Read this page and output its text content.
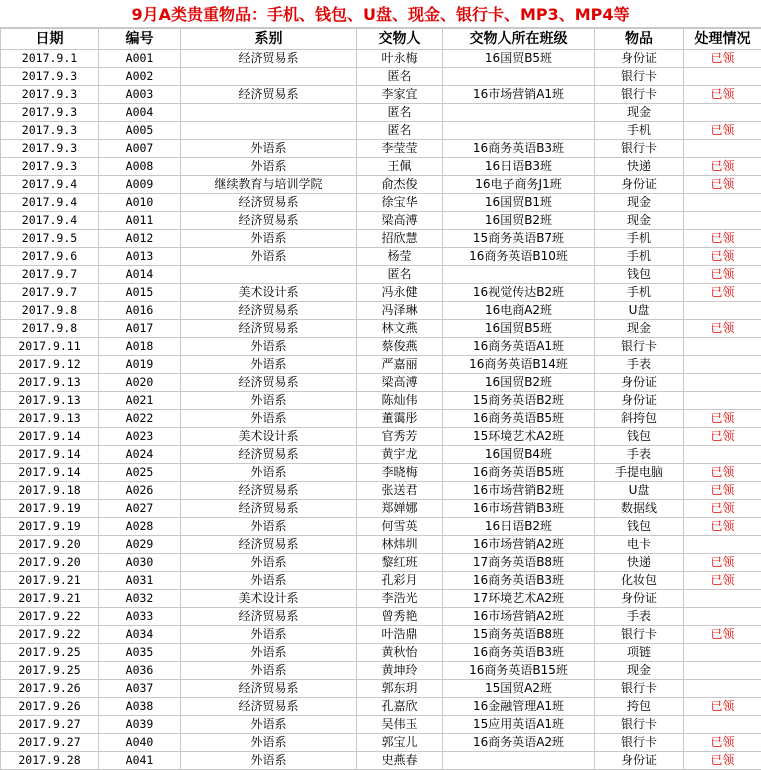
9月A类贵重物品：手机、钱包、U盘、现金、银行卡、MP3、MP4等
日期	编号	系别	交物人	交物人所在班级	物品	处理情况
2017.9.1	A001	经济贸易系	叶永梅	16国贸B5班	身份证	已领
2017.9.3	A002		匿名		银行卡	
2017.9.3	A003	经济贸易系	李家宜	16市场营销A1班	银行卡	已领
2017.9.3	A004		匿名		现金	
2017.9.3	A005		匿名		手机	已领
2017.9.3	A007	外语系	李莹莹	16商务英语B3班	银行卡	
2017.9.3	A008	外语系	王佩	16日语B3班	快递	已领
2017.9.4	A009	继续教育与培训学院	俞杰俊	16电子商务J1班	身份证	已领
2017.9.4	A010	经济贸易系	徐宝华	16国贸B1班	现金	
2017.9.4	A011	经济贸易系	梁高溥	16国贸B2班	现金	
2017.9.5	A012	外语系	招欣慧	15商务英语B7班	手机	已领
2017.9.6	A013	外语系	杨莹	16商务英语B10班	手机	已领
2017.9.7	A014		匿名		钱包	已领
2017.9.7	A015	美术设计系	冯永健	16视觉传达B2班	手机	已领
2017.9.8	A016	经济贸易系	冯泽琳	16电商A2班	U盘	
2017.9.8	A017	经济贸易系	林文燕	16国贸B5班	现金	已领
2017.9.11	A018	外语系	蔡俊燕	16商务英语A1班	银行卡	
2017.9.12	A019	外语系	严嘉丽	16商务英语B14班	手表	
2017.9.13	A020	经济贸易系	梁高溥	16国贸B2班	身份证	
2017.9.13	A021	外语系	陈灿伟	15商务英语B2班	身份证	
2017.9.13	A022	外语系	董霭彤	16商务英语B5班	斜挎包	已领
2017.9.14	A023	美术设计系	官秀芳	15环境艺术A2班	钱包	已领
2017.9.14	A024	经济贸易系	黄宇龙	16国贸B4班	手表	
2017.9.14	A025	外语系	李晓梅	16商务英语B5班	手提电脑	已领
2017.9.18	A026	经济贸易系	张送君	16市场营销B2班	U盘	已领
2017.9.19	A027	经济贸易系	郑婵娜	16市场营销B3班	数据线	已领
2017.9.19	A028	外语系	何雪英	16日语B2班	钱包	已领
2017.9.20	A029	经济贸易系	林炜圳	16市场营销A2班	电卡	
2017.9.20	A030	外语系	黎红班	17商务英语B8班	快递	已领
2017.9.21	A031	外语系	孔彩月	16商务英语B3班	化妆包	已领
2017.9.21	A032	美术设计系	李浩光	17环境艺术A2班	身份证	
2017.9.22	A033	经济贸易系	曾秀艳	16市场营销A2班	手表	
2017.9.22	A034	外语系	叶浩鼎	15商务英语B8班	银行卡	已领
2017.9.25	A035	外语系	黄秋怡	16商务英语B3班	项链	
2017.9.25	A036	外语系	黄坤玲	16商务英语B15班	现金	
2017.9.26	A037	经济贸易系	郭东玥	15国贸A2班	银行卡	
2017.9.26	A038	经济贸易系	孔嘉欣	16金融管理A1班	挎包	已领
2017.9.27	A039	外语系	吴伟玉	15应用英语A1班	银行卡	
2017.9.27	A040	外语系	郭宝儿	16商务英语A2班	银行卡	已领
2017.9.28	A041	外语系	史燕春		身份证	已领
